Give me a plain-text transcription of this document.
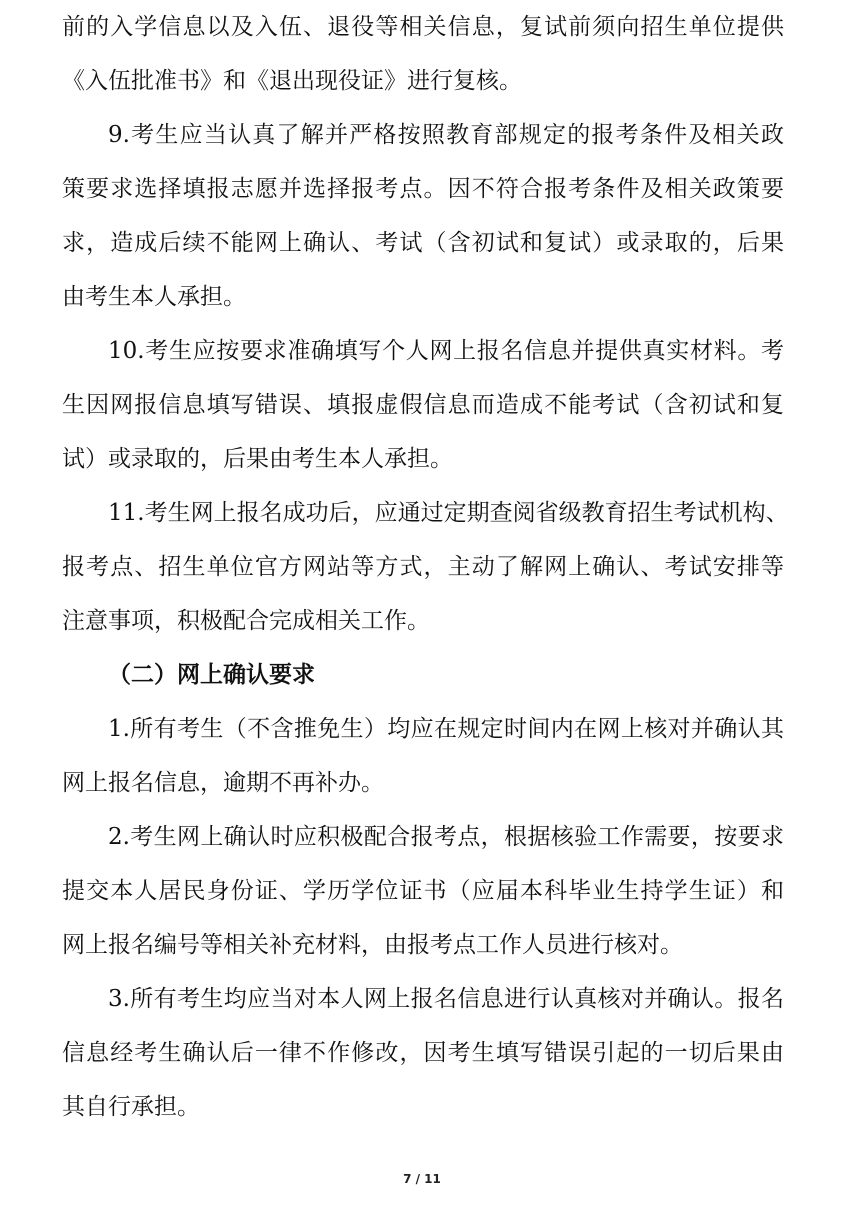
前的入学信息以及入伍、退役等相关信息，复试前须向招生单位提供
《入伍批准书》和《退出现役证》进行复核。
9.考生应当认真了解并严格按照教育部规定的报考条件及相关政
策要求选择填报志愿并选择报考点。因不符合报考条件及相关政策要
求，造成后续不能网上确认、考试（含初试和复试）或录取的，后果
由考生本人承担。
10.考生应按要求准确填写个人网上报名信息并提供真实材料。考
生因网报信息填写错误、填报虚假信息而造成不能考试（含初试和复
试）或录取的，后果由考生本人承担。
11.考生网上报名成功后，应通过定期查阅省级教育招生考试机构、
报考点、招生单位官方网站等方式，主动了解网上确认、考试安排等
注意事项，积极配合完成相关工作。
（二）网上确认要求
1.所有考生（不含推免生）均应在规定时间内在网上核对并确认其
网上报名信息，逾期不再补办。
2.考生网上确认时应积极配合报考点，根据核验工作需要，按要求
提交本人居民身份证、学历学位证书（应届本科毕业生持学生证）和
网上报名编号等相关补充材料，由报考点工作人员进行核对。
3.所有考生均应当对本人网上报名信息进行认真核对并确认。报名
信息经考生确认后一律不作修改，因考生填写错误引起的一切后果由
其自行承担。
7 / 11
